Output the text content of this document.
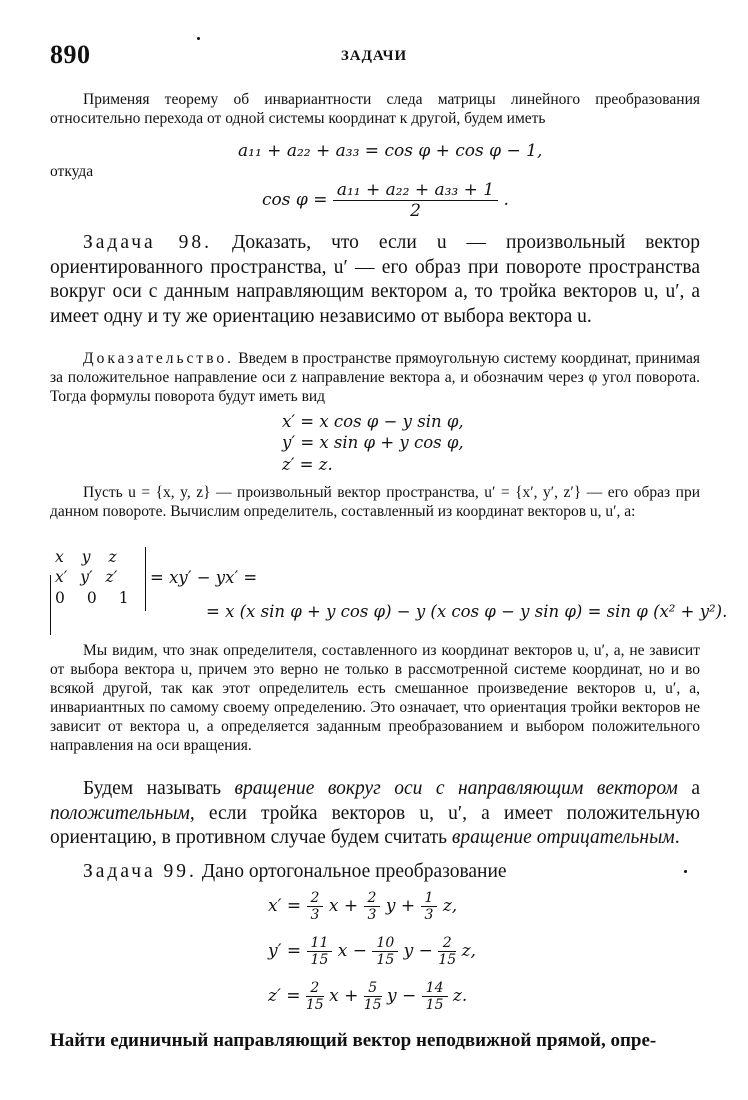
890	ЗАДАЧИ

Применяя теорему об инвариантности следа матрицы линейного преобразования относительно перехода от одной системы координат к другой, будем иметь

a₁₁ + a₂₂ + a₃₃ = cos φ + cos φ − 1,
откуда
$\cos \varphi = \frac{\text{a₁₁ + a₂₂ + a₃₃ + 1}}{2}$ .

Задача 98. Доказать, что если u — произвольный вектор ориентированного пространства, u′ — его образ при повороте пространства вокруг оси с данным направляющим вектором a, то тройка векторов u, u′, a имеет одну и ту же ориентацию независимо от выбора вектора u.

Доказательство. Введем в пространстве прямоугольную систему координат, принимая за положительное направление оси z направление вектора a, и обозначим через φ угол поворота. Тогда формулы поворота будут иметь вид

x′ = x cos φ − y sin φ,
y′ = x sin φ + y cos φ,
z′ = z.

Пусть u = {x, y, z} — произвольный вектор пространства, u′ = {x′, y′, z′} — его образ при данном повороте. Вычислим определитель, составленный из координат векторов u, u′, a:

x y z
x′ y′ z′
0 0 1
= xy′ − yx′ =
= x (x sin φ + y cos φ) − y (x cos φ − y sin φ) = sin φ (x² + y²).

Мы видим, что знак определителя, составленного из координат векторов u, u′, a, не зависит от выбора вектора u, причем это верно не только в рассмотренной системе координат, но и во всякой другой, так как этот определитель есть смешанное произведение векторов u, u′, a, инвариантных по самому своему определению. Это означает, что ориентация тройки векторов не зависит от вектора u, а определяется заданным преобразованием и выбором положительного направления на оси вращения.

Будем называть вращение вокруг оси с направляющим вектором a положительным, если тройка векторов u, u′, a имеет положительную ориентацию, в противном случае будем считать вращение отрицательным.

Задача 99. Дано ортогональное преобразование

$x' = \frac{2}{3}$ $x + \frac{2}{3}$ $y + \frac{1}{3} z$,
$y' = \frac{11}{15}$ $x - \frac{10}{15}$ $y - \frac{2}{15} z$,
$z' = \frac{2}{15}$ $x + \frac{5}{15}$ $y - \frac{14}{15} z$.
Найти единичный направляющий вектор неподвижной прямой, опре-
